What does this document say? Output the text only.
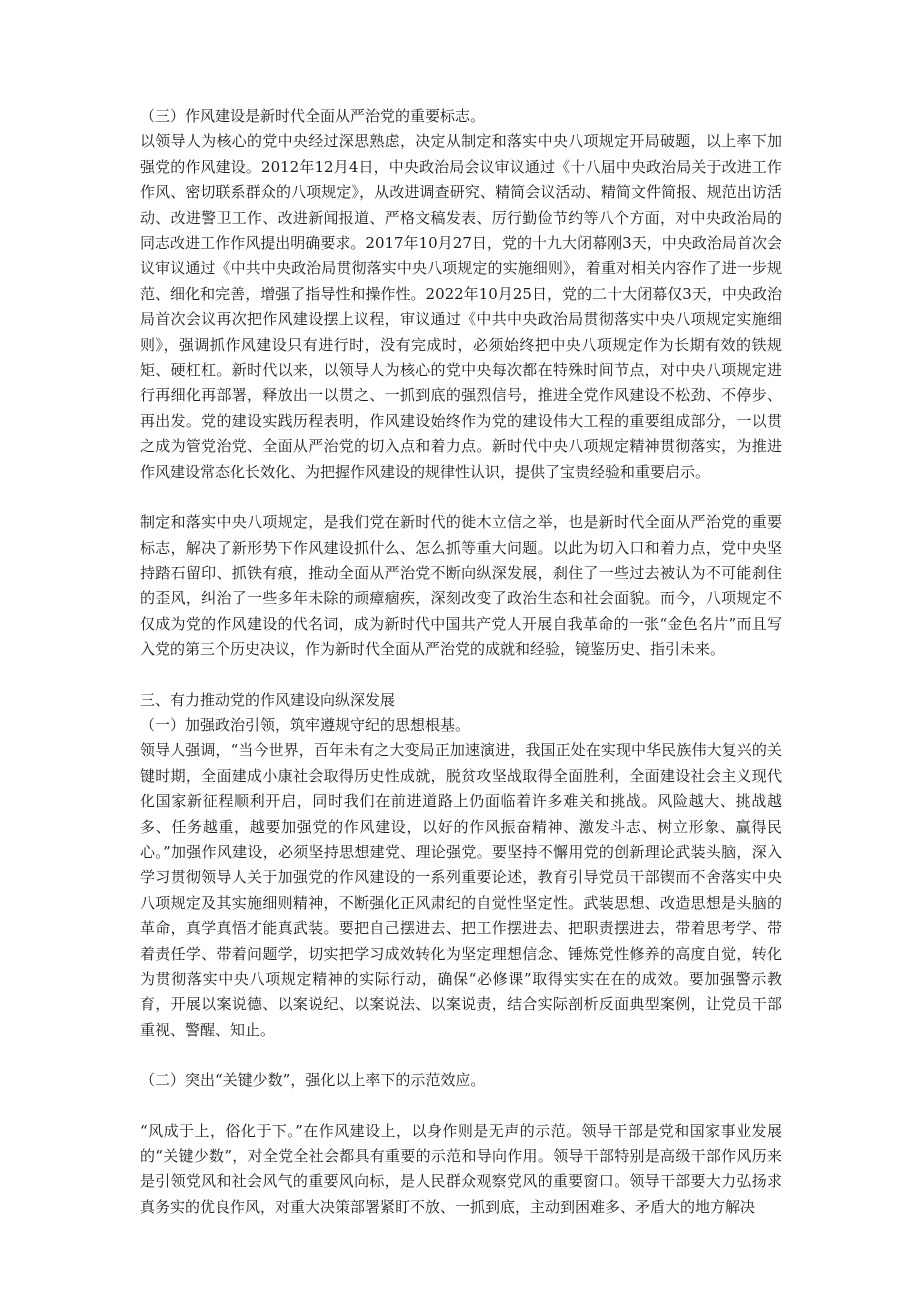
（三）作风建设是新时代全面从严治党的重要标志。

以领导人为核心的党中央经过深思熟虑，决定从制定和落实中央八项规定开局破题，以上率下加强党的作风建设。2012年12月4日，中央政治局会议审议通过《十八届中央政治局关于改进工作作风、密切联系群众的八项规定》，从改进调查研究、精简会议活动、精简文件简报、规范出访活动、改进警卫工作、改进新闻报道、严格文稿发表、厉行勤俭节约等八个方面，对中央政治局的同志改进工作作风提出明确要求。2017年10月27日，党的十九大闭幕刚3天，中央政治局首次会议审议通过《中共中央政治局贯彻落实中央八项规定的实施细则》，着重对相关内容作了进一步规范、细化和完善，增强了指导性和操作性。2022年10月25日，党的二十大闭幕仅3天，中央政治局首次会议再次把作风建设摆上议程，审议通过《中共中央政治局贯彻落实中央八项规定实施细则》，强调抓作风建设只有进行时，没有完成时，必须始终把中央八项规定作为长期有效的铁规矩、硬杠杠。新时代以来，以领导人为核心的党中央每次都在特殊时间节点，对中央八项规定进行再细化再部署，释放出一以贯之、一抓到底的强烈信号，推进全党作风建设不松劲、不停步、再出发。党的建设实践历程表明，作风建设始终作为党的建设伟大工程的重要组成部分，一以贯之成为管党治党、全面从严治党的切入点和着力点。新时代中央八项规定精神贯彻落实，为推进作风建设常态化长效化、为把握作风建设的规律性认识，提供了宝贵经验和重要启示。

制定和落实中央八项规定，是我们党在新时代的徙木立信之举，也是新时代全面从严治党的重要标志，解决了新形势下作风建设抓什么、怎么抓等重大问题。以此为切入口和着力点，党中央坚持踏石留印、抓铁有痕，推动全面从严治党不断向纵深发展，刹住了一些过去被认为不可能刹住的歪风，纠治了一些多年未除的顽瘴痼疾，深刻改变了政治生态和社会面貌。而今，八项规定不仅成为党的作风建设的代名词，成为新时代中国共产党人开展自我革命的一张“金色名片”而且写入党的第三个历史决议，作为新时代全面从严治党的成就和经验，镜鉴历史、指引未来。

三、有力推动党的作风建设向纵深发展

（一）加强政治引领，筑牢遵规守纪的思想根基。

领导人强调，“当今世界，百年未有之大变局正加速演进，我国正处在实现中华民族伟大复兴的关键时期，全面建成小康社会取得历史性成就，脱贫攻坚战取得全面胜利，全面建设社会主义现代化国家新征程顺利开启，同时我们在前进道路上仍面临着许多难关和挑战。风险越大、挑战越多、任务越重，越要加强党的作风建设，以好的作风振奋精神、激发斗志、树立形象、赢得民心。”加强作风建设，必须坚持思想建党、理论强党。要坚持不懈用党的创新理论武装头脑，深入学习贯彻领导人关于加强党的作风建设的一系列重要论述，教育引导党员干部锲而不舍落实中央八项规定及其实施细则精神，不断强化正风肃纪的自觉性坚定性。武装思想、改造思想是头脑的革命，真学真悟才能真武装。要把自己摆进去、把工作摆进去、把职责摆进去，带着思考学、带着责任学、带着问题学，切实把学习成效转化为坚定理想信念、锤炼党性修养的高度自觉，转化为贯彻落实中央八项规定精神的实际行动，确保“必修课”取得实实在在的成效。要加强警示教育，开展以案说德、以案说纪、以案说法、以案说责，结合实际剖析反面典型案例，让党员干部重视、警醒、知止。

（二）突出“关键少数”，强化以上率下的示范效应。

“风成于上，俗化于下。”在作风建设上，以身作则是无声的示范。领导干部是党和国家事业发展的“关键少数”，对全党全社会都具有重要的示范和导向作用。领导干部特别是高级干部作风历来是引领党风和社会风气的重要风向标，是人民群众观察党风的重要窗口。领导干部要大力弘扬求真务实的优良作风，对重大决策部署紧盯不放、一抓到底，主动到困难多、矛盾大的地方解决
